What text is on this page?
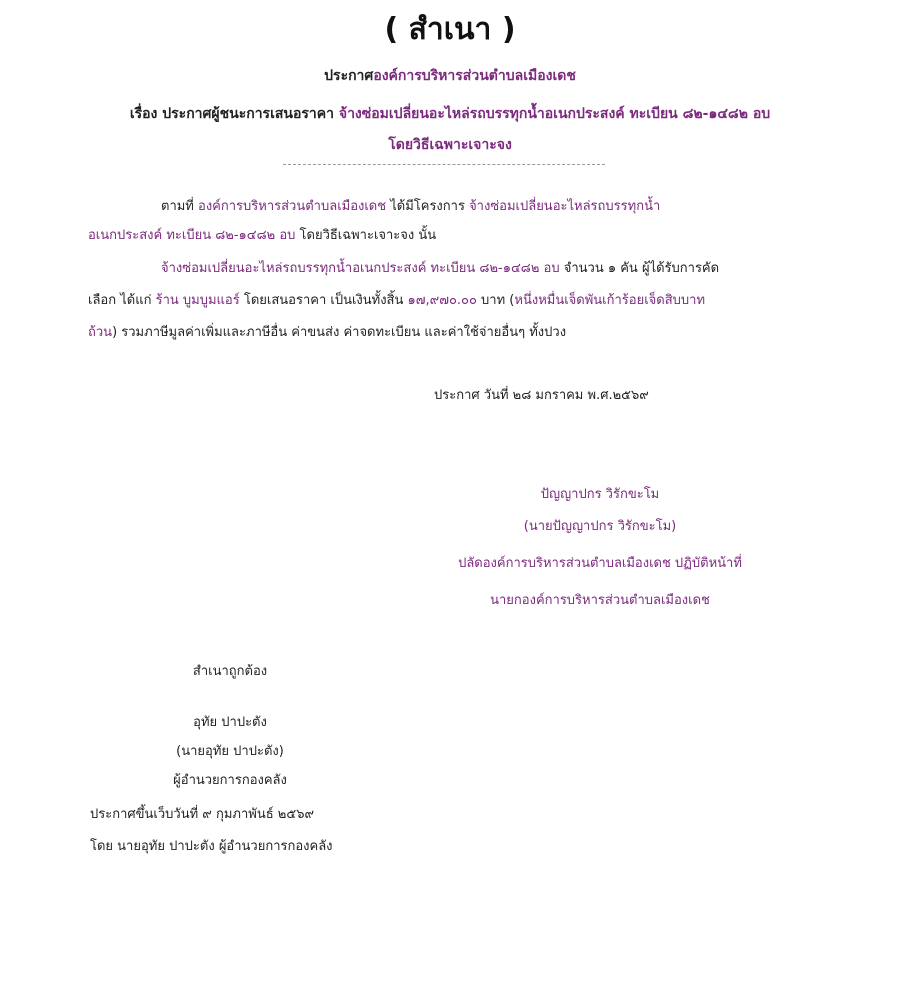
( สำเนา )
ประกาศองค์การบริหารส่วนตำบลเมืองเดช
เรื่อง ประกาศผู้ชนะการเสนอราคา จ้างซ่อมเปลี่ยนอะไหล่รถบรรทุกน้ำอเนกประสงค์ ทะเบียน ๘๒-๑๔๘๒ อบ
โดยวิธีเฉพาะเจาะจง
ตามที่ องค์การบริหารส่วนตำบลเมืองเดช ได้มีโครงการ จ้างซ่อมเปลี่ยนอะไหล่รถบรรทุกน้ำ
อเนกประสงค์ ทะเบียน ๘๒-๑๔๘๒ อบ โดยวิธีเฉพาะเจาะจง นั้น
จ้างซ่อมเปลี่ยนอะไหล่รถบรรทุกน้ำอเนกประสงค์ ทะเบียน ๘๒-๑๔๘๒ อบ จำนวน ๑ คัน ผู้ได้รับการคัด
เลือก ได้แก่ ร้าน บูมบูมแอร์ โดยเสนอราคา เป็นเงินทั้งสิ้น ๑๗,๙๗๐.๐๐ บาท (หนึ่งหมื่นเจ็ดพันเก้าร้อยเจ็ดสิบบาท
ถ้วน) รวมภาษีมูลค่าเพิ่มและภาษีอื่น ค่าขนส่ง ค่าจดทะเบียน และค่าใช้จ่ายอื่นๆ ทั้งปวง
ประกาศ วันที่ ๒๘ มกราคม พ.ศ.๒๕๖๙
ปัญญาปกร วิรักขะโม
(นายปัญญาปกร วิรักขะโม)
ปลัดองค์การบริหารส่วนตำบลเมืองเดช ปฏิบัติหน้าที่
นายกองค์การบริหารส่วนตำบลเมืองเดช
สำเนาถูกต้อง
อุทัย ปาปะตัง
(นายอุทัย ปาปะตัง)
ผู้อำนวยการกองคลัง
ประกาศขึ้นเว็บวันที่ ๙ กุมภาพันธ์ ๒๕๖๙
โดย นายอุทัย ปาปะตัง ผู้อำนวยการกองคลัง
